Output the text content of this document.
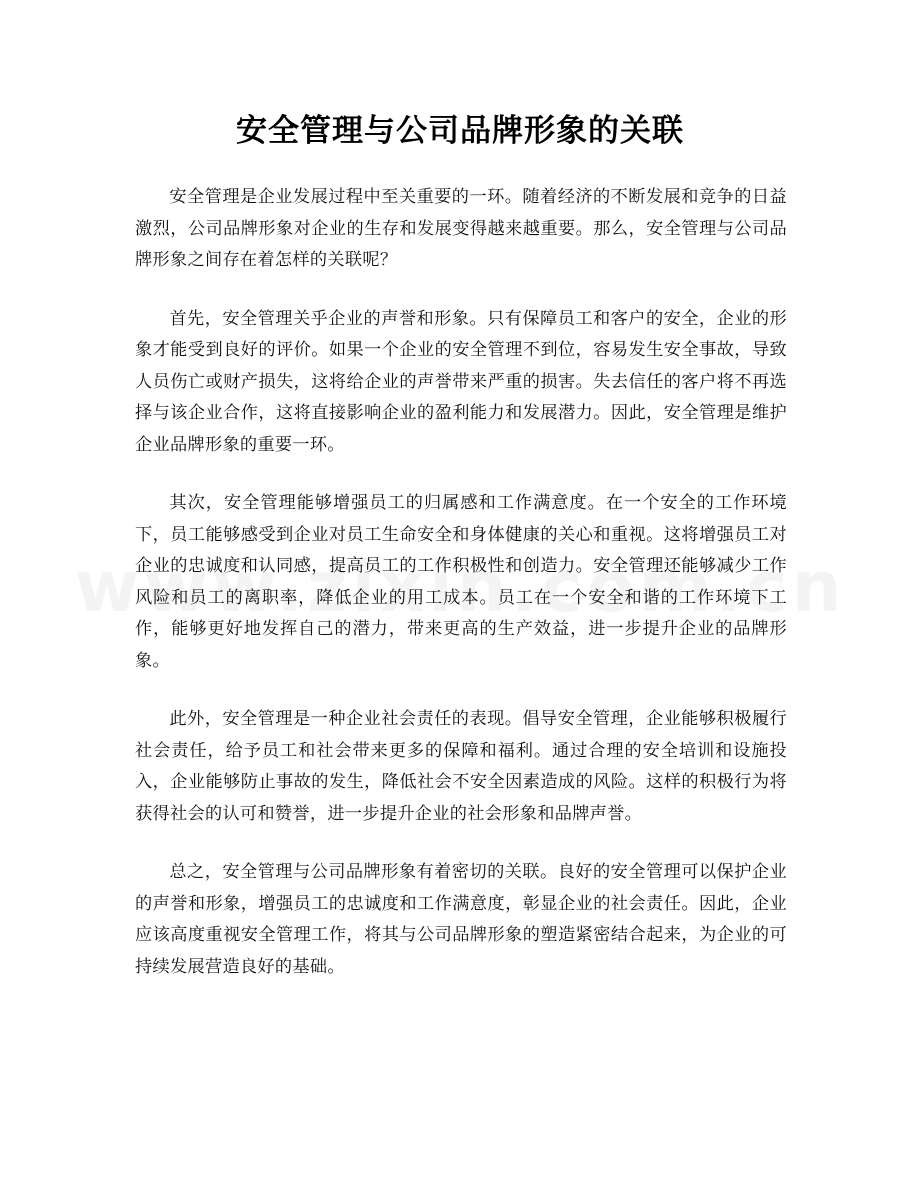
安全管理与公司品牌形象的关联

安全管理是企业发展过程中至关重要的一环。随着经济的不断发展和竞争的日益激烈，公司品牌形象对企业的生存和发展变得越来越重要。那么，安全管理与公司品牌形象之间存在着怎样的关联呢？

首先，安全管理关乎企业的声誉和形象。只有保障员工和客户的安全，企业的形象才能受到良好的评价。如果一个企业的安全管理不到位，容易发生安全事故，导致人员伤亡或财产损失，这将给企业的声誉带来严重的损害。失去信任的客户将不再选择与该企业合作，这将直接影响企业的盈利能力和发展潜力。因此，安全管理是维护企业品牌形象的重要一环。

其次，安全管理能够增强员工的归属感和工作满意度。在一个安全的工作环境下，员工能够感受到企业对员工生命安全和身体健康的关心和重视。这将增强员工对企业的忠诚度和认同感，提高员工的工作积极性和创造力。安全管理还能够减少工作风险和员工的离职率，降低企业的用工成本。员工在一个安全和谐的工作环境下工作，能够更好地发挥自己的潜力，带来更高的生产效益，进一步提升企业的品牌形象。

此外，安全管理是一种企业社会责任的表现。倡导安全管理，企业能够积极履行社会责任，给予员工和社会带来更多的保障和福利。通过合理的安全培训和设施投入，企业能够防止事故的发生，降低社会不安全因素造成的风险。这样的积极行为将获得社会的认可和赞誉，进一步提升企业的社会形象和品牌声誉。

总之，安全管理与公司品牌形象有着密切的关联。良好的安全管理可以保护企业的声誉和形象，增强员工的忠诚度和工作满意度，彰显企业的社会责任。因此，企业应该高度重视安全管理工作，将其与公司品牌形象的塑造紧密结合起来，为企业的可持续发展营造良好的基础。
